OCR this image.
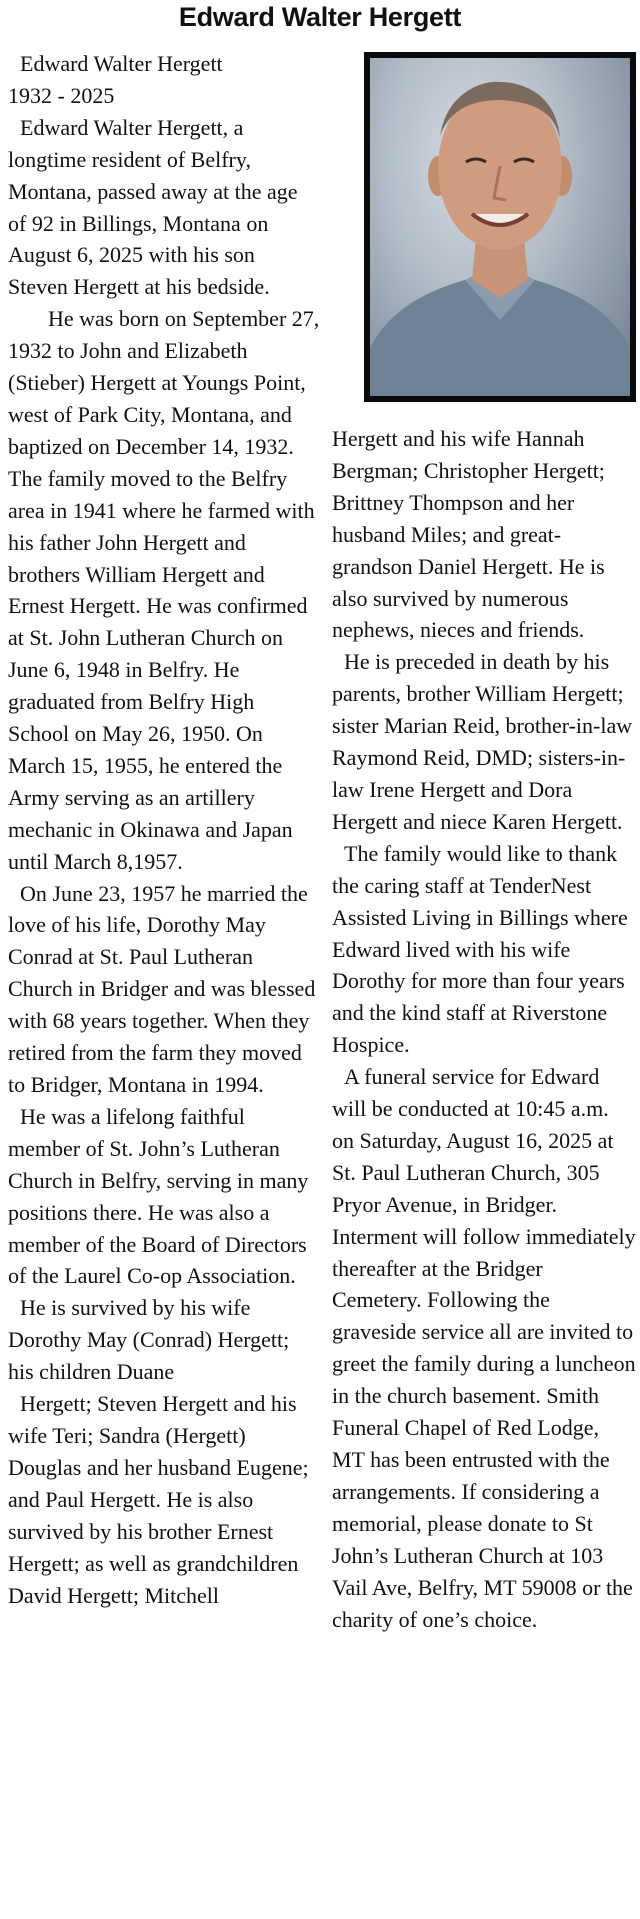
Edward Walter Hergett

Edward Walter Hergett

1932 - 2025

Edward Walter Hergett, a longtime resident of Belfry, Montana, passed away at the age of 92 in Billings, Montana on August 6, 2025 with his son Steven Hergett at his bedside.

He was born on September 27, 1932 to John and Elizabeth (Stieber) Hergett at Youngs Point, west of Park City, Montana, and baptized on December 14, 1932. The family moved to the Belfry area in 1941 where he farmed with his father John Hergett and brothers William Hergett and Ernest Hergett. He was confirmed at St. John Lutheran Church on June 6, 1948 in Belfry. He graduated from Belfry High School on May 26, 1950. On March 15, 1955, he entered the Army serving as an artillery mechanic in Okinawa and Japan until March 8,1957.

On June 23, 1957 he married the love of his life, Dorothy May Conrad at St. Paul Lutheran Church in Bridger and was blessed with 68 years together. When they retired from the farm they moved to Bridger, Montana in 1994.

He was a lifelong faithful member of St. John’s Lutheran Church in Belfry, serving in many positions there. He was also a member of the Board of Directors of the Laurel Co-op Association.

He is survived by his wife Dorothy May (Conrad) Hergett; his children Duane

Hergett; Steven Hergett and his wife Teri; Sandra (Hergett) Douglas and her husband Eugene; and Paul Hergett. He is also survived by his brother Ernest Hergett; as well as grandchildren David Hergett; Mitchell

Hergett and his wife Hannah Bergman; Christopher Hergett; Brittney Thompson and her husband Miles; and great-grandson Daniel Hergett. He is also survived by numerous nephews, nieces and friends.

He is preceded in death by his parents, brother William Hergett; sister Marian Reid, brother-in-law Raymond Reid, DMD; sisters-in-law Irene Hergett and Dora Hergett and niece Karen Hergett.

The family would like to thank the caring staff at TenderNest Assisted Living in Billings where Edward lived with his wife Dorothy for more than four years and the kind staff at Riverstone Hospice.

A funeral service for Edward will be conducted at 10:45 a.m. on Saturday, August 16, 2025 at St. Paul Lutheran Church, 305 Pryor Avenue, in Bridger. Interment will follow immediately thereafter at the Bridger Cemetery. Following the graveside service all are invited to greet the family during a luncheon in the church basement. Smith Funeral Chapel of Red Lodge, MT has been entrusted with the arrangements. If considering a memorial, please donate to St John’s Lutheran Church at 103 Vail Ave, Belfry, MT 59008 or the charity of one’s choice.
